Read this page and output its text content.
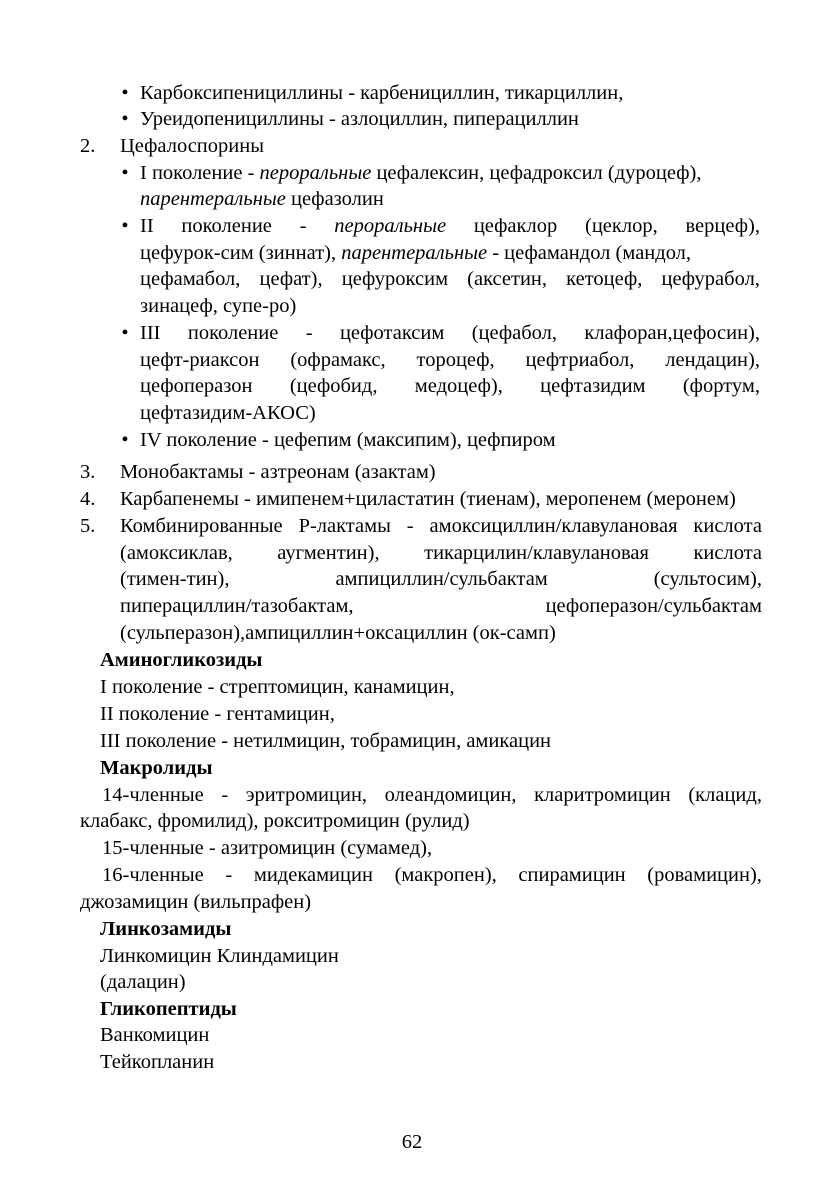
• Карбоксипенициллины - карбенициллин, тикарциллин,
• Уреидопенициллины - азлоциллин, пиперациллин
2. Цефалоспорины
• I поколение - пероральные цефалексин, цефадроксил (дуроцеф),
парентеральные цефазолин
• II поколение - пероральные цефаклор (цеклор, верцеф),
цефурок-сим (зиннат), парентеральные - цефамандол (мандол,
цефамабол, цефат), цефуроксим (аксетин, кетоцеф, цефурабол,
зинацеф, супе-ро)
• III поколение - цефотаксим (цефабол, клафоран,цефосин),
цефт-риаксон (офрамакс, тороцеф, цефтриабол, лендацин),
цефоперазон (цефобид, медоцеф), цефтазидим (фортум,
цефтазидим-АКОС)
• IV поколение - цефепим (максипим), цефпиром
3. Монобактамы - азтреонам (азактам)
4. Карбапенемы - имипенем+циластатин (тиенам), меропенем (меронем)
5. Комбинированные Р-лактамы - амоксициллин/клавулановая кислота
(амоксиклав, аугментин), тикарцилин/клавулановая кислота
(тимен-тин),	ампициллин/сульбактам	(сультосим),
пиперациллин/тазобактам,	цефоперазон/сульбактам
(сульперазон),ампициллин+оксациллин (ок-самп)
Аминогликозиды
I поколение - стрептомицин, канамицин,
II поколение - гентамицин,
III поколение - нетилмицин, тобрамицин, амикацин
Макролиды
14-членные - эритромицин, олеандомицин, кларитромицин (клацид,
клабакс, фромилид), рокситромицин (рулид)
15-членные - азитромицин (сумамед),
16-членные - мидекамицин (макропен), спирамицин (ровамицин),
джозамицин (вильпрафен)
Линкозамиды
Линкомицин Клиндамицин
(далацин)
Гликопептиды
Ванкомицин
Тейкопланин
62
